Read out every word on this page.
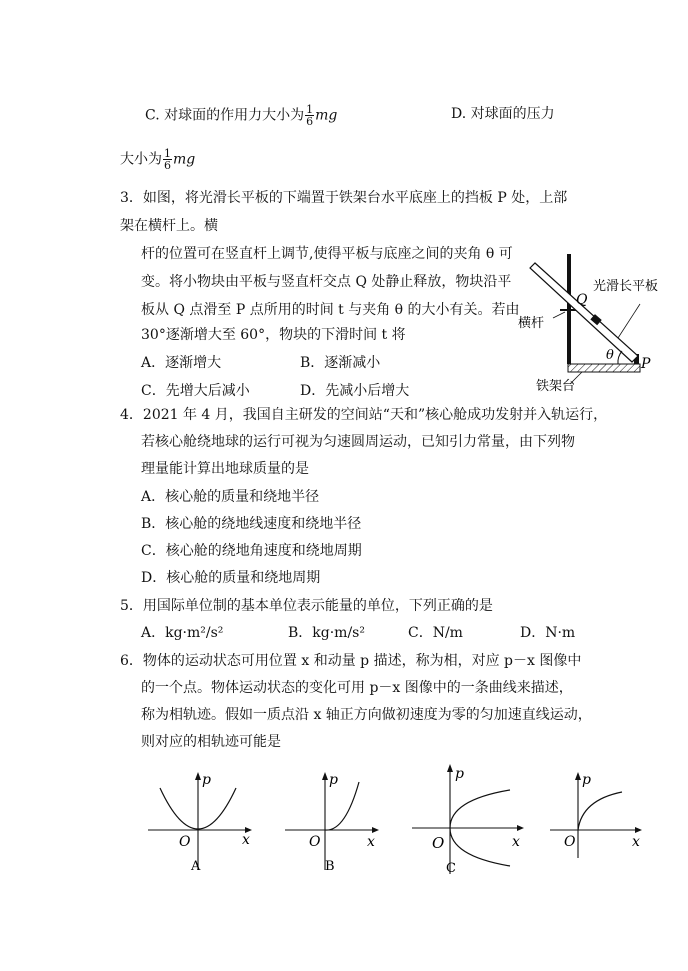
C. 对球面的作用力大小为 $\frac{1}{6}$ mg	D. 对球面的压力
大小为 $\frac{1}{6}$ mg
3．如图，将光滑长平板的下端置于铁架台水平底座上的挡板 P 处，上部
架在横杆上。横
杆的位置可在竖直杆上调节,使得平板与底座之间的夹角 θ 可
变。将小物块由平板与竖直杆交点 Q 处静止释放，物块沿平
板从 Q 点滑至 P 点所用的时间 t 与夹角 θ 的大小有关。若由
30°逐渐增大至 60°，物块的下滑时间 t 将
A．逐渐增大	B．逐渐减小
C．先增大后减小	D．先减小后增大
Q
P
θ
光滑长平板
横杆
铁架台
4．2021 年 4 月，我国自主研发的空间站“天和”核心舱成功发射并入轨运行，
若核心舱绕地球的运行可视为匀速圆周运动，已知引力常量，由下列物
理量能计算出地球质量的是
A．核心舱的质量和绕地半径
B．核心舱的绕地线速度和绕地半径
C．核心舱的绕地角速度和绕地周期
D．核心舱的质量和绕地周期
5．用国际单位制的基本单位表示能量的单位，下列正确的是
A．kg·m²/s²	B．kg·m/s²	C．N/m	D．N·m
6．物体的运动状态可用位置 x 和动量 p 描述，称为相，对应 p－x 图像中
的一个点。物体运动状态的变化可用 p－x 图像中的一条曲线来描述，
称为相轨迹。假如一质点沿 x 轴正方向做初速度为零的匀加速直线运动，
则对应的相轨迹可能是
p
x
O
A
p
x
O
B
p
x
O
C
p
x
O
